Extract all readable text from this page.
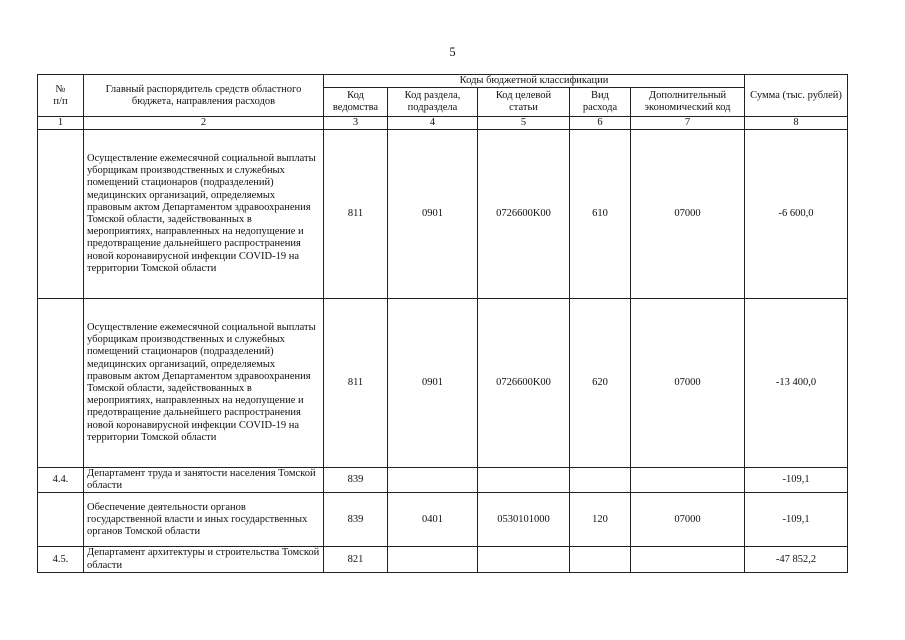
5
№
п/п	Главный распорядитель средств областного бюджета, направления расходов	Коды бюджетной классификации					Сумма (тыс. рублей)
		Код ведомства	Код раздела, подраздела	Код целевой статьи	Вид расхода	Дополнительный экономический код	
1	2	3	4	5	6	7	8
	Осуществление ежемесячной социальной выплаты уборщикам производственных и служебных помещений стационаров (подразделений) медицинских организаций, определяемых правовым актом Департаментом здравоохранения Томской области, задействованных в мероприятиях, направленных на недопущение и предотвращение дальнейшего распространения новой коронавирусной инфекции COVID-19 на территории Томской области	811	0901	0726600K00	610	07000	-6 600,0
	Осуществление ежемесячной социальной выплаты уборщикам производственных и служебных помещений стационаров (подразделений) медицинских организаций, определяемых правовым актом Департаментом здравоохранения Томской области, задействованных в мероприятиях, направленных на недопущение и предотвращение дальнейшего распространения новой коронавирусной инфекции COVID-19 на территории Томской области	811	0901	0726600K00	620	07000	-13 400,0
4.4.	Департамент труда и занятости населения Томской области	839					-109,1
	Обеспечение деятельности органов государственной власти и иных государственных органов Томской области	839	0401	0530101000	120	07000	-109,1
4.5.	Департамент архитектуры и строительства Томской области	821					-47 852,2
